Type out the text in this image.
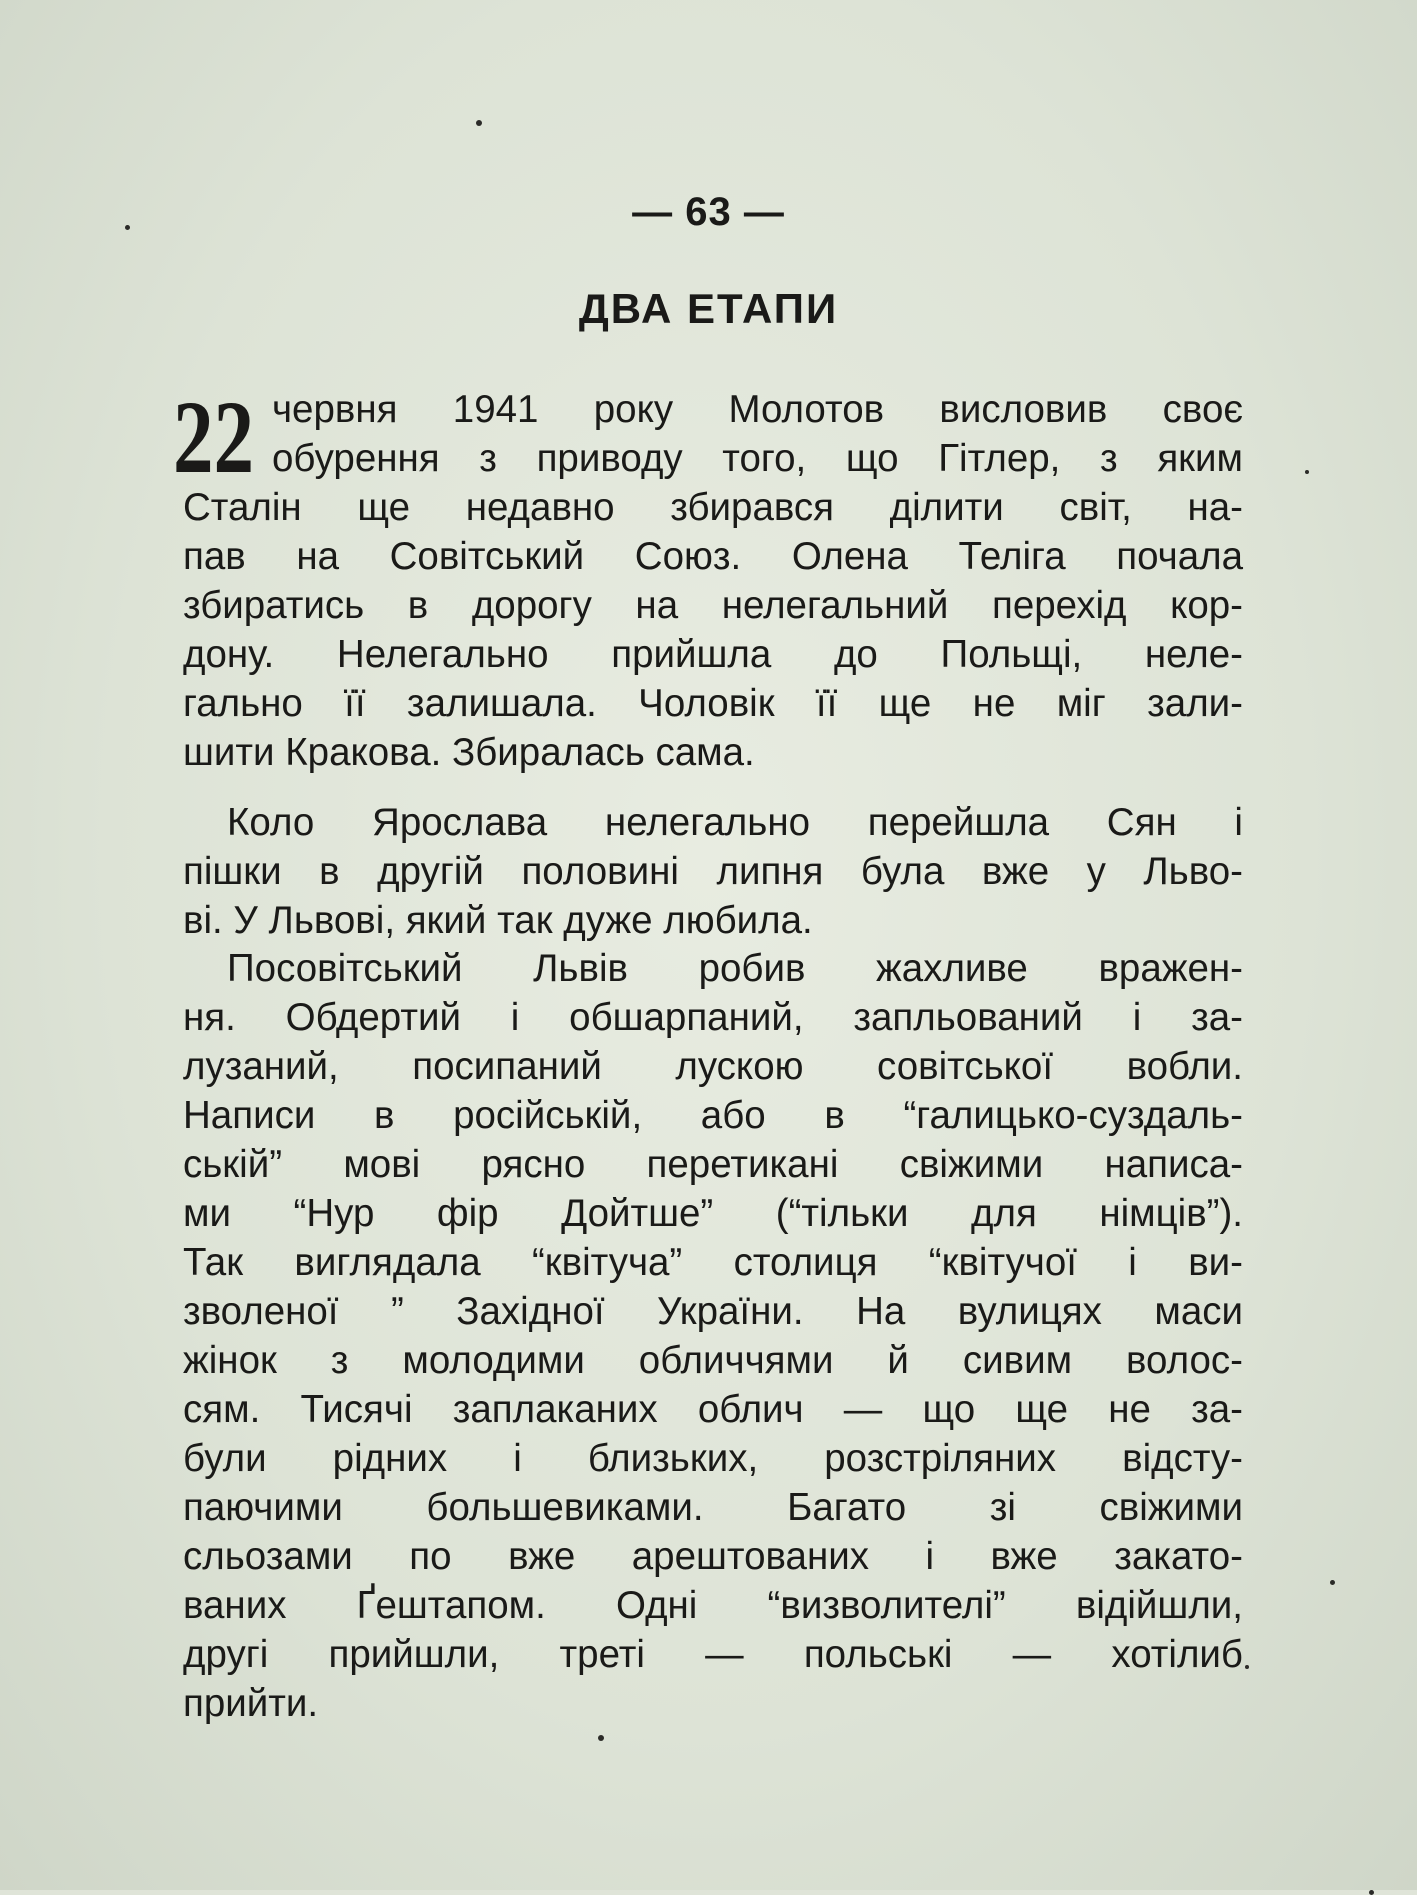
— 63 —
ДВА ЕТАПИ
22 червня 1941 року Молотов висловив своє
обурення з приводу того, що Гітлер, з яким
Сталін ще недавно збирався ділити світ, на-
пав на Совітський Союз. Олена Теліга почала
збиратись в дорогу на нелегальний перехід кор-
дону. Нелегально прийшла до Польщі, нелe-
гально її залишала. Чоловік її ще не міг зали-
шити Кракова. Збиралась сама.
Коло Ярослава нелегально перейшла Сян і
пішки в другій половині липня була вже у Льво-
ві. У Львові, який так дуже любила.
Посовітський Львів робив жахливе вражен-
ня. Обдертий і обшарпаний, запльований і за-
лузаний, посипаний лускою совітської вобли.
Написи в російській, або в “галицько-суздаль-
ській” мові рясно перетикані свіжими написа-
ми “Нур фір Дойтше” (“тільки для німців”).
Так виглядала “квітуча” столиця “квітучої і ви-
зволеної ” Західної України. На вулицях маси
жінок з молодими обличчями й сивим волос-
сям. Тисячі заплаканих облич — що ще не за-
були рідних і близьких, розстріляних відсту-
паючими большевиками. Багато зі свіжими
сльозами по вже арештованих і вже закато-
ваних Ґештапом. Одні “визволителі” відійшли,
другі прийшли, треті — польські — хотілиб
прийти.
